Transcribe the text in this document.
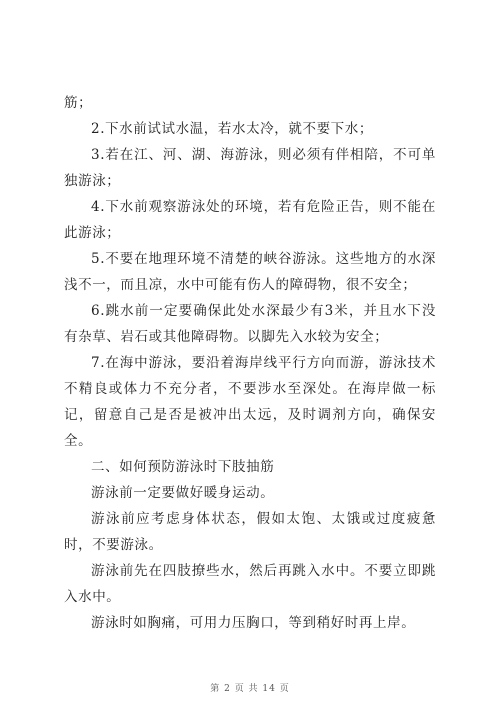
筋；

2.下水前试试水温，若水太冷，就不要下水；

3.若在江、河、湖、海游泳，则必须有伴相陪，不可单独游泳；

4.下水前观察游泳处的环境，若有危险正告，则不能在此游泳；

5.不要在地理环境不清楚的峡谷游泳。这些地方的水深浅不一，而且凉，水中可能有伤人的障碍物，很不安全；

6.跳水前一定要确保此处水深最少有3米，并且水下没有杂草、岩石或其他障碍物。以脚先入水较为安全；

7.在海中游泳，要沿着海岸线平行方向而游，游泳技术不精良或体力不充分者，不要涉水至深处。在海岸做一标记，留意自己是否是被冲出太远，及时调剂方向，确保安全。

二、如何预防游泳时下肢抽筋

游泳前一定要做好暖身运动。

游泳前应考虑身体状态，假如太饱、太饿或过度疲惫时，不要游泳。

游泳前先在四肢撩些水，然后再跳入水中。不要立即跳入水中。

游泳时如胸痛，可用力压胸口，等到稍好时再上岸。

第 2 页 共 14 页
